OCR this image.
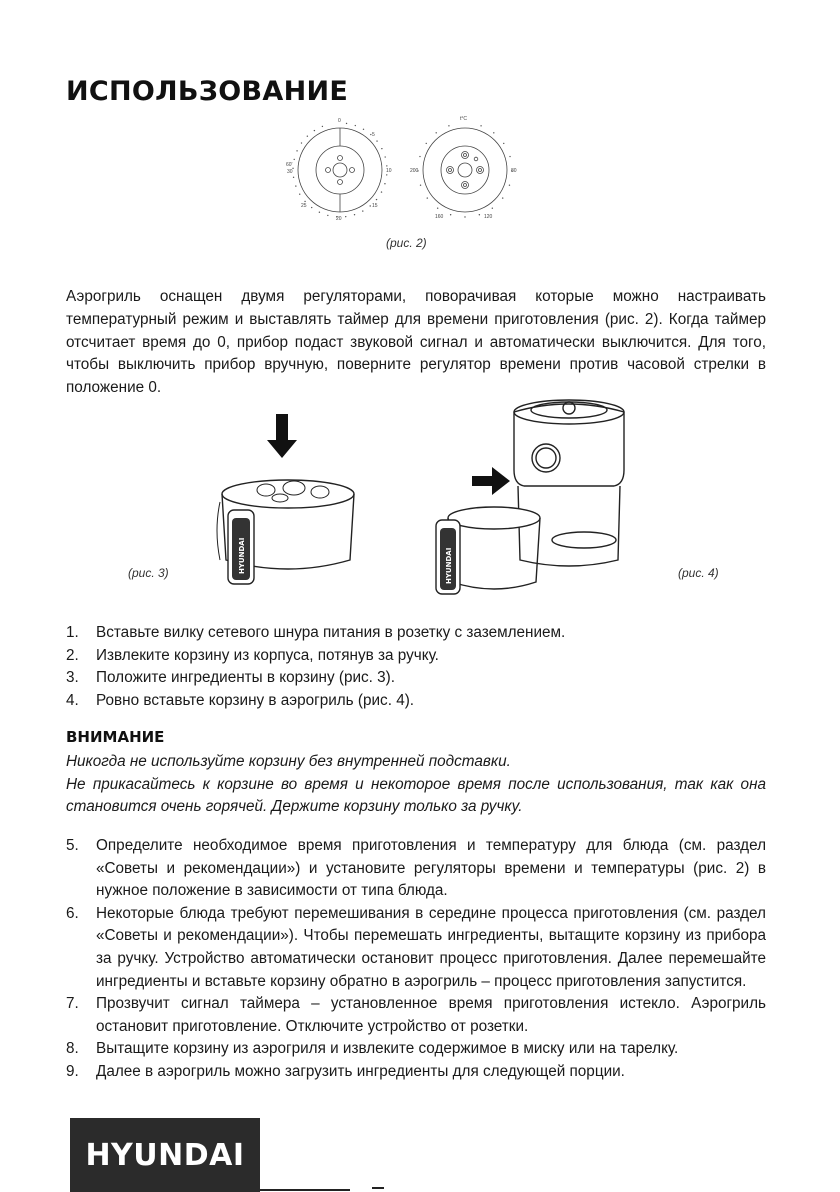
ИСПОЛЬЗОВАНИЕ
0
5
10
15
20
25
30
60'
t°C
80
120
160
200
(рис. 2)
Аэрогриль оснащен двумя регуляторами, поворачивая которые можно настраивать температурный режим и выставлять таймер для времени приготовления (рис. 2). Когда таймер отсчитает время до 0, прибор подаст звуковой сигнал и автоматически выключится. Для того, чтобы выключить прибор вручную, поверните регулятор времени против часовой стрелки в положение 0.
HYUNDAI
(рис. 3)	HYUNDAI	(рис. 4)
1. Вставьте вилку сетевого шнура питания в розетку с заземлением.
2. Извлеките корзину из корпуса, потянув за ручку.
3. Положите ингредиенты в корзину (рис. 3).
4. Ровно вставьте корзину в аэрогриль (рис. 4).
ВНИМАНИЕ
Никогда не используйте корзину без внутренней подставки.
Не прикасайтесь к корзине во время и некоторое время после использования, так как она становится очень горячей. Держите корзину только за ручку.
5. Определите необходимое время приготовления и температуру для блюда (см. раздел «Советы и рекомендации») и установите регуляторы времени и температуры (рис. 2) в нужное положение в зависимости от типа блюда.
6. Некоторые блюда требуют перемешивания в середине процесса приготовления (см. раздел «Советы и рекомендации»). Чтобы перемешать ингредиенты, вытащите корзину из прибора за ручку. Устройство автоматически остановит процесс приготовления. Далее перемешайте ингредиенты и вставьте корзину обратно в аэрогриль – процесс приготовления запустится.
7. Прозвучит сигнал таймера – установленное время приготовления истекло. Аэрогриль остановит приготовление. Отключите устройство от розетки.
8. Вытащите корзину из аэрогриля и извлеките содержимое в миску или на тарелку.
9. Далее в аэрогриль можно загрузить ингредиенты для следующей порции.
HYUNDAI
